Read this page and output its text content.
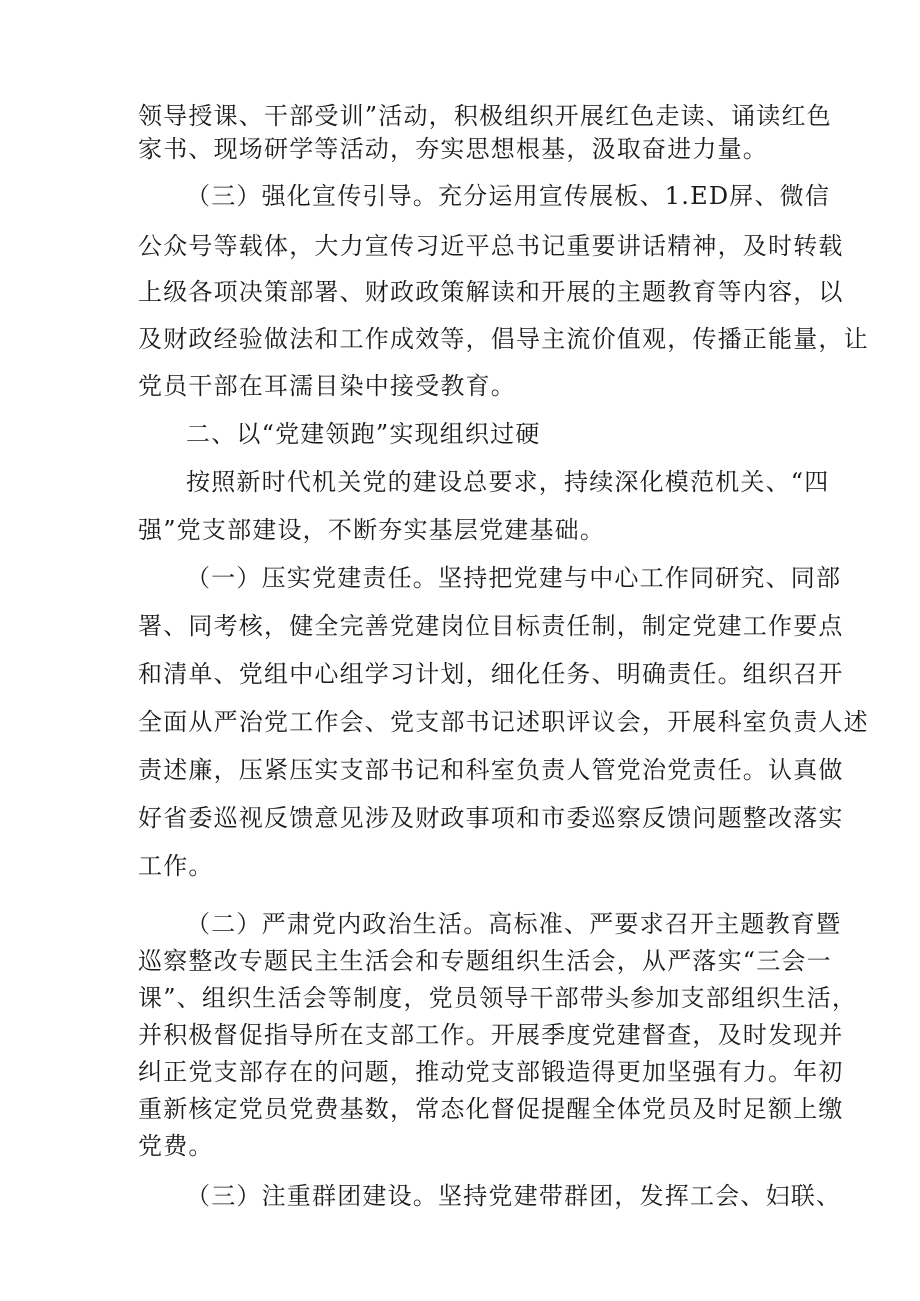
领导授课、干部受训”活动，积极组织开展红色走读、诵读红色
家书、现场研学等活动，夯实思想根基，汲取奋进力量。
（三）强化宣传引导。充分运用宣传展板、1.ED屏、微信
公众号等载体，大力宣传习近平总书记重要讲话精神，及时转载
上级各项决策部署、财政政策解读和开展的主题教育等内容，以
及财政经验做法和工作成效等，倡导主流价值观，传播正能量，让
党员干部在耳濡目染中接受教育。
二、以“党建领跑”实现组织过硬
按照新时代机关党的建设总要求，持续深化模范机关、“四
强”党支部建设，不断夯实基层党建基础。
（一）压实党建责任。坚持把党建与中心工作同研究、同部
署、同考核，健全完善党建岗位目标责任制，制定党建工作要点
和清单、党组中心组学习计划，细化任务、明确责任。组织召开
全面从严治党工作会、党支部书记述职评议会，开展科室负责人述
责述廉，压紧压实支部书记和科室负责人管党治党责任。认真做
好省委巡视反馈意见涉及财政事项和市委巡察反馈问题整改落实
工作。
（二）严肃党内政治生活。高标准、严要求召开主题教育暨
巡察整改专题民主生活会和专题组织生活会，从严落实“三会一
课”、组织生活会等制度，党员领导干部带头参加支部组织生活，
并积极督促指导所在支部工作。开展季度党建督查，及时发现并
纠正党支部存在的问题，推动党支部锻造得更加坚强有力。年初
重新核定党员党费基数，常态化督促提醒全体党员及时足额上缴
党费。
（三）注重群团建设。坚持党建带群团，发挥工会、妇联、
